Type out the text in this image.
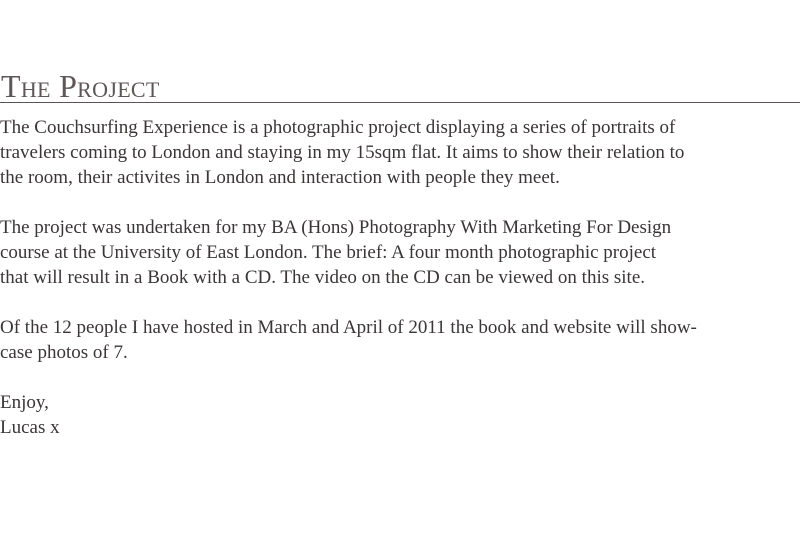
The Project

The Couchsurfing Experience is a photographic project displaying a series of portraits of
travelers coming to London and staying in my 15sqm flat. It aims to show their relation to
the room, their activites in London and interaction with people they meet.

The project was undertaken for my BA (Hons) Photography With Marketing For Design
course at the University of East London. The brief: A four month photographic project
that will result in a Book with a CD. The video on the CD can be viewed on this site.

Of the 12 people I have hosted in March and April of 2011 the book and website will show-
case photos of 7.

Enjoy,
Lucas x
